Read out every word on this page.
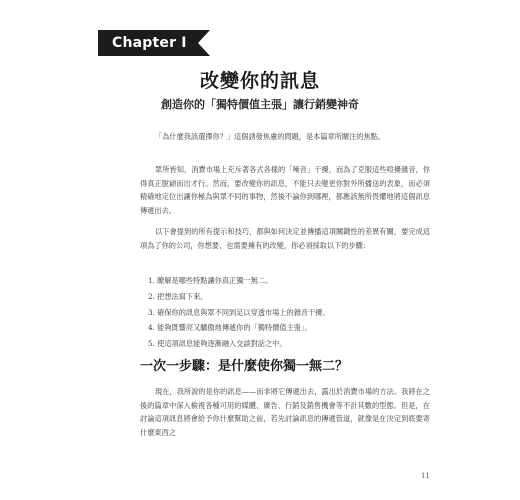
Chapter I
改變你的訊息
創造你的「獨特價值主張」讓行銷變神奇

「為什麼我該選擇你？」這個誘發焦慮的問題，是本篇章所關注的焦點。

眾所皆知，消費市場上充斥著各式各樣的「噪音」干擾，而為了克服這些喧擾雜音，你得真正脫穎而出才行。然而，要改變你的訊息，不能只去變更你對外所播送的表象，而必須精確地定位出讓你極為與眾不同的事物，然後不論你到哪裡，都應該無所畏懼地將這個訊息傳遞出去。

以下會提到的所有提示和技巧，都與如何決定並傳播這項關鍵性的差異有關，要完成這項為了你的公司，你想要、也需要擁有的改變，你必須採取以下的步驟：

1. 瞭解是哪些特點讓你真正獨一無二。
2. 把想法寫下來。
3. 確保你的訊息與眾不同到足以穿透市場上的雜音干擾。
4. 能夠既響亮又驕傲地傳遞你的「獨特價值主張」。
5. 使這項訊息能夠逐漸融入交談對話之中。
一次一步驟：是什麼使你獨一無二？

現在，我所說的是你的訊息——而非將它傳遞出去，露出於消費市場的方法。我將在之後的篇章中深入檢視各種可用的媒體、廣告、行銷及銷售機會等不計其數的型態。但是，在討論這項訊息將會給予你什麼幫助之前，若先討論訊息的傳遞管道，就像是在決定到底要寄什麼東西之

11
